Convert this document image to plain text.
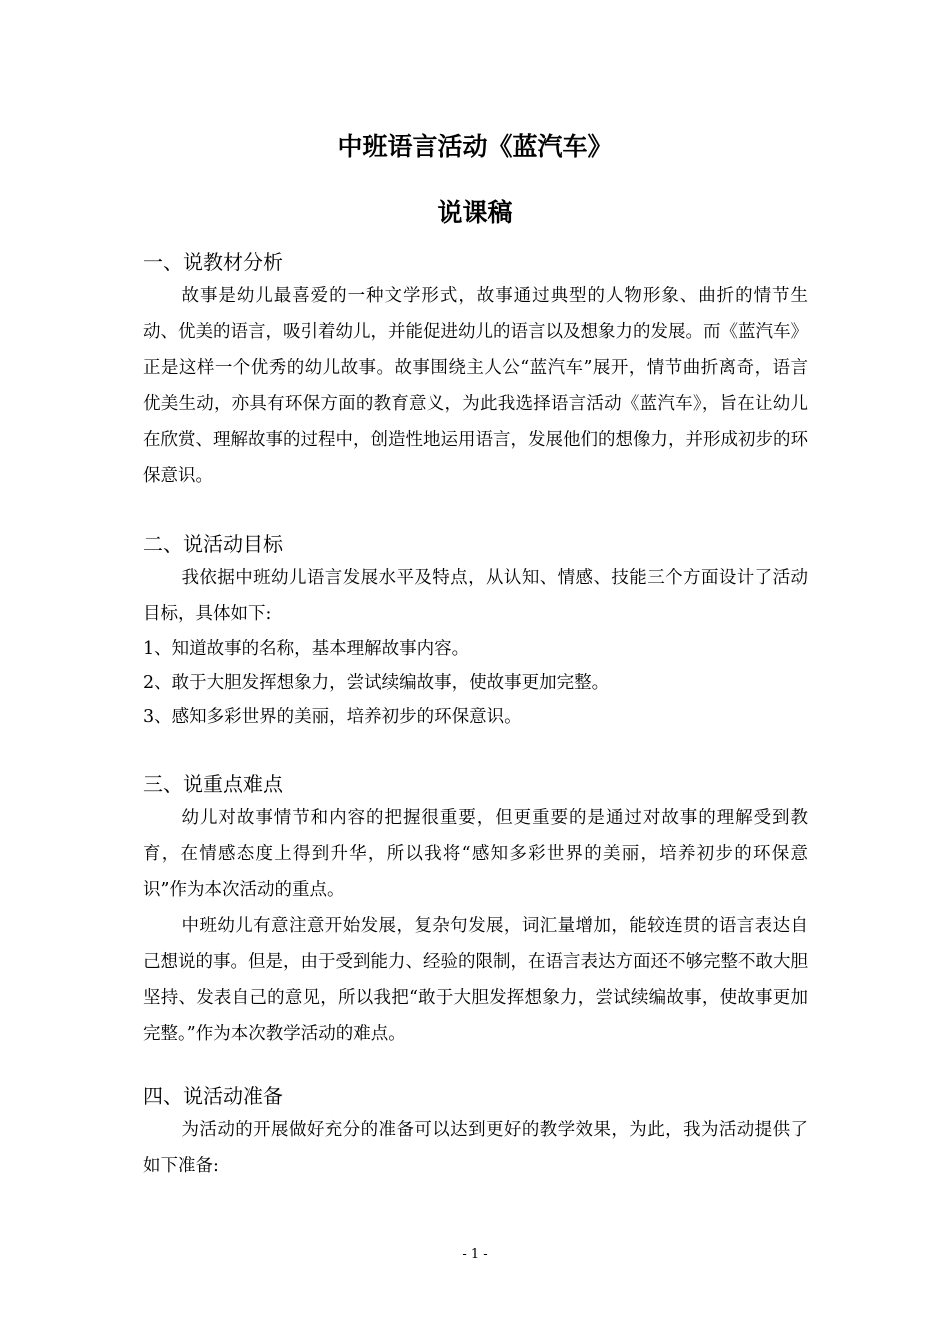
中班语言活动《蓝汽车》
说课稿
一、说教材分析

故事是幼儿最喜爱的一种文学形式，故事通过典型的人物形象、曲折的情节生动、优美的语言，吸引着幼儿，并能促进幼儿的语言以及想象力的发展。而《蓝汽车》正是这样一个优秀的幼儿故事。故事围绕主人公“蓝汽车”展开，情节曲折离奇，语言优美生动，亦具有环保方面的教育意义，为此我选择语言活动《蓝汽车》，旨在让幼儿在欣赏、理解故事的过程中，创造性地运用语言，发展他们的想像力，并形成初步的环保意识。

二、说活动目标

我依据中班幼儿语言发展水平及特点，从认知、情感、技能三个方面设计了活动目标，具体如下:

1、知道故事的名称，基本理解故事内容。
2、敢于大胆发挥想象力，尝试续编故事，使故事更加完整。
3、感知多彩世界的美丽，培养初步的环保意识。
三、说重点难点

幼儿对故事情节和内容的把握很重要，但更重要的是通过对故事的理解受到教育，在情感态度上得到升华，所以我将“感知多彩世界的美丽，培养初步的环保意识”作为本次活动的重点。

中班幼儿有意注意开始发展，复杂句发展，词汇量增加，能较连贯的语言表达自己想说的事。但是，由于受到能力、经验的限制，在语言表达方面还不够完整不敢大胆坚持、发表自己的意见，所以我把“敢于大胆发挥想象力，尝试续编故事，使故事更加完整。”作为本次教学活动的难点。

四、说活动准备

为活动的开展做好充分的准备可以达到更好的教学效果，为此，我为活动提供了如下准备:

- 1 -
